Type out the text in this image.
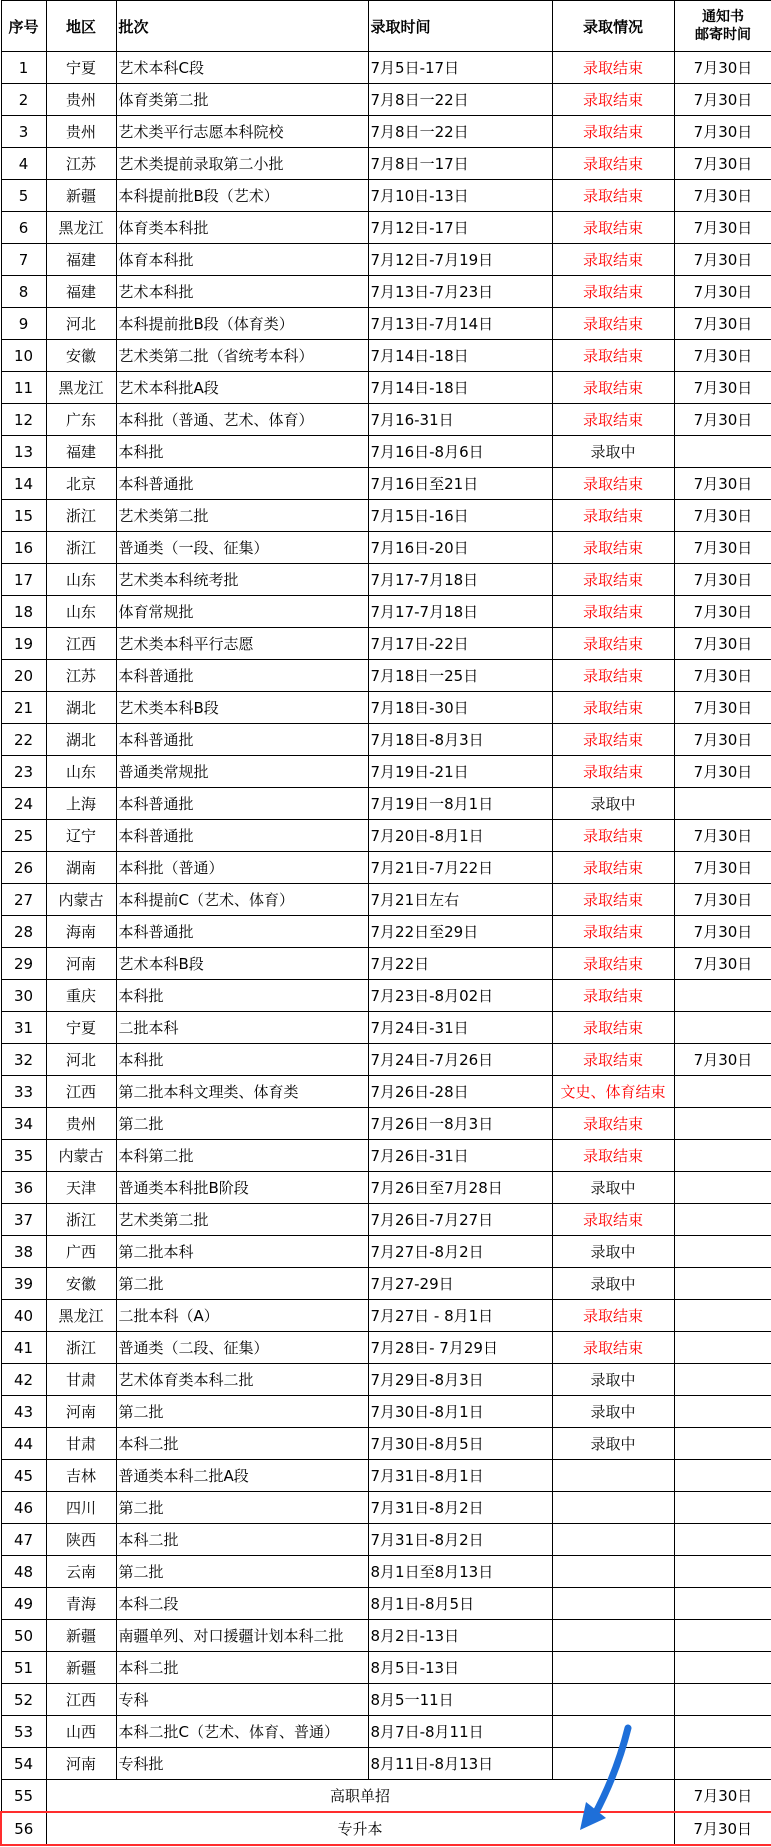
序号	地区	批次	录取时间	录取情况	通知书
邮寄时间

1	宁夏	艺术本科C段	7月5日-17日	录取结束	7月30日
2	贵州	体育类第二批	7月8日一22日	录取结束	7月30日
3	贵州	艺术类平行志愿本科院校	7月8日一22日	录取结束	7月30日
4	江苏	艺术类提前录取第二小批	7月8日一17日	录取结束	7月30日
5	新疆	本科提前批B段（艺术）	7月10日-13日	录取结束	7月30日
6	黑龙江	体育类本科批	7月12日-17日	录取结束	7月30日
7	福建	体育本科批	7月12日-7月19日	录取结束	7月30日
8	福建	艺术本科批	7月13日-7月23日	录取结束	7月30日
9	河北	本科提前批B段（体育类）	7月13日-7月14日	录取结束	7月30日
10	安徽	艺术类第二批（省统考本科）	7月14日-18日	录取结束	7月30日
11	黑龙江	艺术本科批A段	7月14日-18日	录取结束	7月30日
12	广东	本科批（普通、艺术、体育）	7月16-31日	录取结束	7月30日
13	福建	本科批	7月16日-8月6日	录取中	
14	北京	本科普通批	7月16日至21日	录取结束	7月30日
15	浙江	艺术类第二批	7月15日-16日	录取结束	7月30日
16	浙江	普通类（一段、征集）	7月16日-20日	录取结束	7月30日
17	山东	艺术类本科统考批	7月17-7月18日	录取结束	7月30日
18	山东	体育常规批	7月17-7月18日	录取结束	7月30日
19	江西	艺术类本科平行志愿	7月17日-22日	录取结束	7月30日
20	江苏	本科普通批	7月18日一25日	录取结束	7月30日
21	湖北	艺术类本科B段	7月18日-30日	录取结束	7月30日
22	湖北	本科普通批	7月18日-8月3日	录取结束	7月30日
23	山东	普通类常规批	7月19日-21日	录取结束	7月30日
24	上海	本科普通批	7月19日一8月1日	录取中	
25	辽宁	本科普通批	7月20日-8月1日	录取结束	7月30日
26	湖南	本科批（普通）	7月21日-7月22日	录取结束	7月30日
27	内蒙古	本科提前C（艺术、体育）	7月21日左右	录取结束	7月30日
28	海南	本科普通批	7月22日至29日	录取结束	7月30日
29	河南	艺术本科B段	7月22日	录取结束	7月30日
30	重庆	本科批	7月23日-8月02日	录取结束	
31	宁夏	二批本科	7月24日-31日	录取结束	
32	河北	本科批	7月24日-7月26日	录取结束	7月30日
33	江西	第二批本科文理类、体育类	7月26日-28日	文史、体育结束	
34	贵州	第二批	7月26日一8月3日	录取结束	
35	内蒙古	本科第二批	7月26日-31日	录取结束	
36	天津	普通类本科批B阶段	7月26日至7月28日	录取中	
37	浙江	艺术类第二批	7月26日-7月27日	录取结束	
38	广西	第二批本科	7月27日-8月2日	录取中	
39	安徽	第二批	7月27-29日	录取中	
40	黑龙江	二批本科（A）	7月27日 - 8月1日	录取结束	
41	浙江	普通类（二段、征集）	7月28日- 7月29日	录取结束	
42	甘肃	艺术体育类本科二批	7月29日-8月3日	录取中	
43	河南	第二批	7月30日-8月1日	录取中	
44	甘肃	本科二批	7月30日-8月5日	录取中	
45	吉林	普通类本科二批A段	7月31日-8月1日		
46	四川	第二批	7月31日-8月2日		
47	陕西	本科二批	7月31日-8月2日		
48	云南	第二批	8月1日至8月13日		
49	青海	本科二段	8月1日-8月5日		
50	新疆	南疆单列、对口援疆计划本科二批	8月2日-13日		
51	新疆	本科二批	8月5日-13日		
52	江西	专科	8月5一11日		
53	山西	本科二批C（艺术、体育、普通）	8月7日-8月11日		
54	河南	专科批	8月11日-8月13日		
55	高职单招				7月30日
56	专升本				7月30日
